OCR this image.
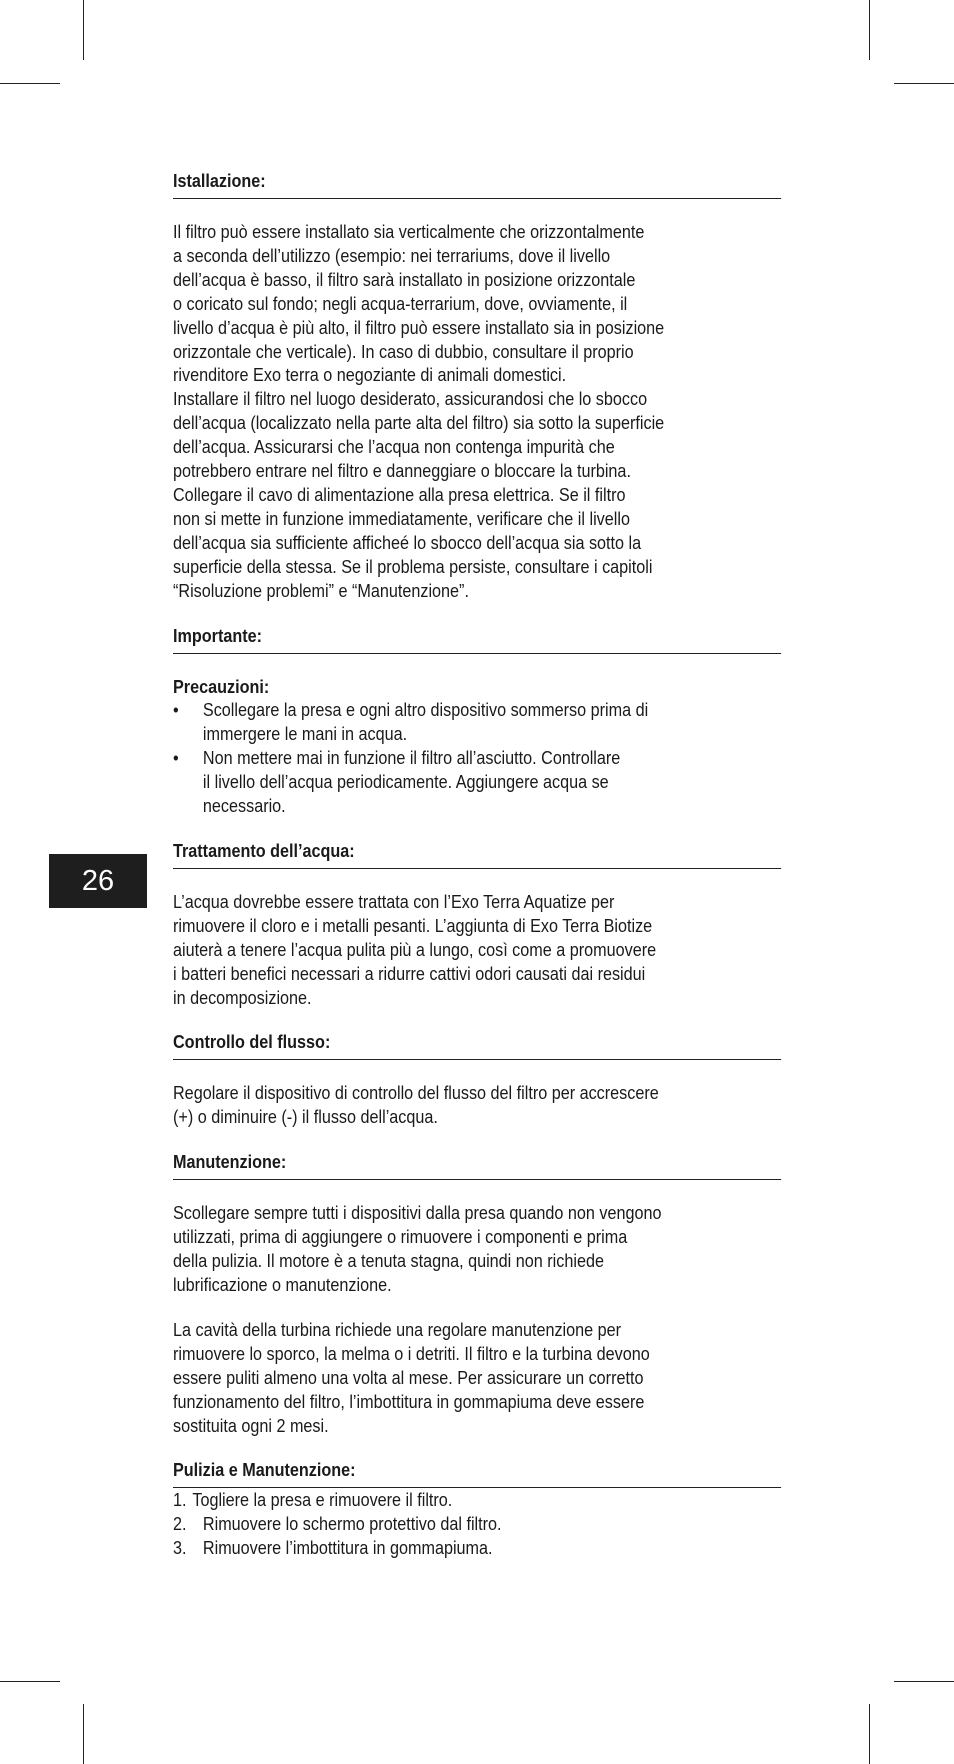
26
Istallazione:

Il filtro può essere installato sia verticalmente che orizzontalmente
a seconda dell’utilizzo (esempio: nei terrariums, dove il livello
dell’acqua è basso, il filtro sarà installato in posizione orizzontale
o coricato sul fondo; negli acqua-terrarium, dove, ovviamente, il
livello d’acqua è più alto, il filtro può essere installato sia in posizione
orizzontale che verticale). In caso di dubbio, consultare il proprio
rivenditore Exo terra o negoziante di animali domestici.
Installare il filtro nel luogo desiderato, assicurandosi che lo sbocco
dell’acqua (localizzato nella parte alta del filtro) sia sotto la superficie
dell’acqua. Assicurarsi che l’acqua non contenga impurità che
potrebbero entrare nel filtro e danneggiare o bloccare la turbina.
Collegare il cavo di alimentazione alla presa elettrica. Se il filtro
non si mette in funzione immediatamente, verificare che il livello
dell’acqua sia sufficiente afficheé lo sbocco dell’acqua sia sotto la
superficie della stessa. Se il problema persiste, consultare i capitoli
“Risoluzione problemi” e “Manutenzione”.

Importante:

Precauzioni:

• Scollegare la presa e ogni altro dispositivo sommerso prima di
immergere le mani in acqua.
• Non mettere mai in funzione il filtro all’asciutto. Controllare
il livello dell’acqua periodicamente. Aggiungere acqua se
necessario.
Trattamento dell’acqua:

L’acqua dovrebbe essere trattata con l’Exo Terra Aquatize per
rimuovere il cloro e i metalli pesanti. L’aggiunta di Exo Terra Biotize
aiuterà a tenere l’acqua pulita più a lungo, così come a promuovere
i batteri benefici necessari a ridurre cattivi odori causati dai residui
in decomposizione.

Controllo del flusso:

Regolare il dispositivo di controllo del flusso del filtro per accrescere
(+) o diminuire (-) il flusso dell’acqua.

Manutenzione:

Scollegare sempre tutti i dispositivi dalla presa quando non vengono
utilizzati, prima di aggiungere o rimuovere i componenti e prima
della pulizia. Il motore è a tenuta stagna, quindi non richiede
lubrificazione o manutenzione.

La cavità della turbina richiede una regolare manutenzione per
rimuovere lo sporco, la melma o i detriti. Il filtro e la turbina devono
essere puliti almeno una volta al mese. Per assicurare un corretto
funzionamento del filtro, l’imbottitura in gommapiuma deve essere
sostituita ogni 2 mesi.

Pulizia e Manutenzione:
1. Togliere la presa e rimuovere il filtro.
2. Rimuovere lo schermo protettivo dal filtro.
3. Rimuovere l’imbottitura in gommapiuma.
